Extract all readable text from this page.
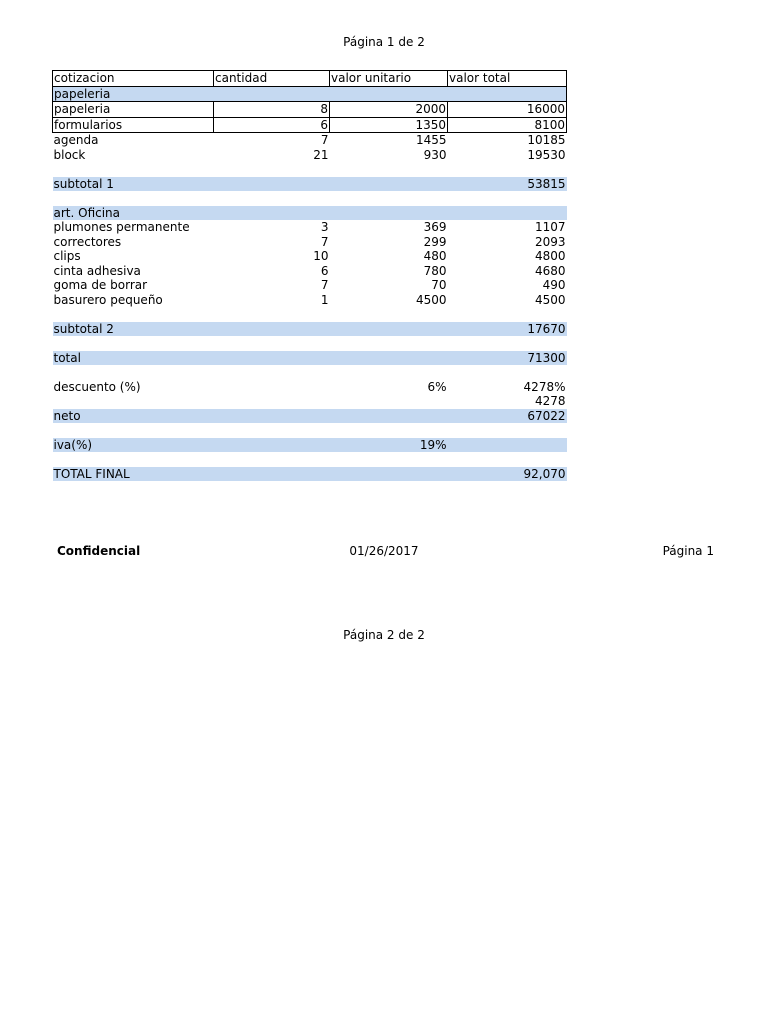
Página 1 de 2
cotizacion	cantidad	valor unitario	valor total
papeleria			
papeleria	8	2000	16000
formularios	6	1350	8100
agenda	7	1455	10185
block	21	930	19530

subtotal 1			53815

art. Oficina			
plumones permanente	3	369	1107
correctores	7	299	2093
clips	10	480	4800
cinta adhesiva	6	780	4680
goma de borrar	7	70	490
basurero pequeño	1	4500	4500

subtotal 2			17670

total			71300

descuento (%)		6%	4278%
			4278
neto			67022

iva(%)		19%	

TOTAL FINAL			92,070
Confidencial	01/26/2017	Página 1
Página 2 de 2
